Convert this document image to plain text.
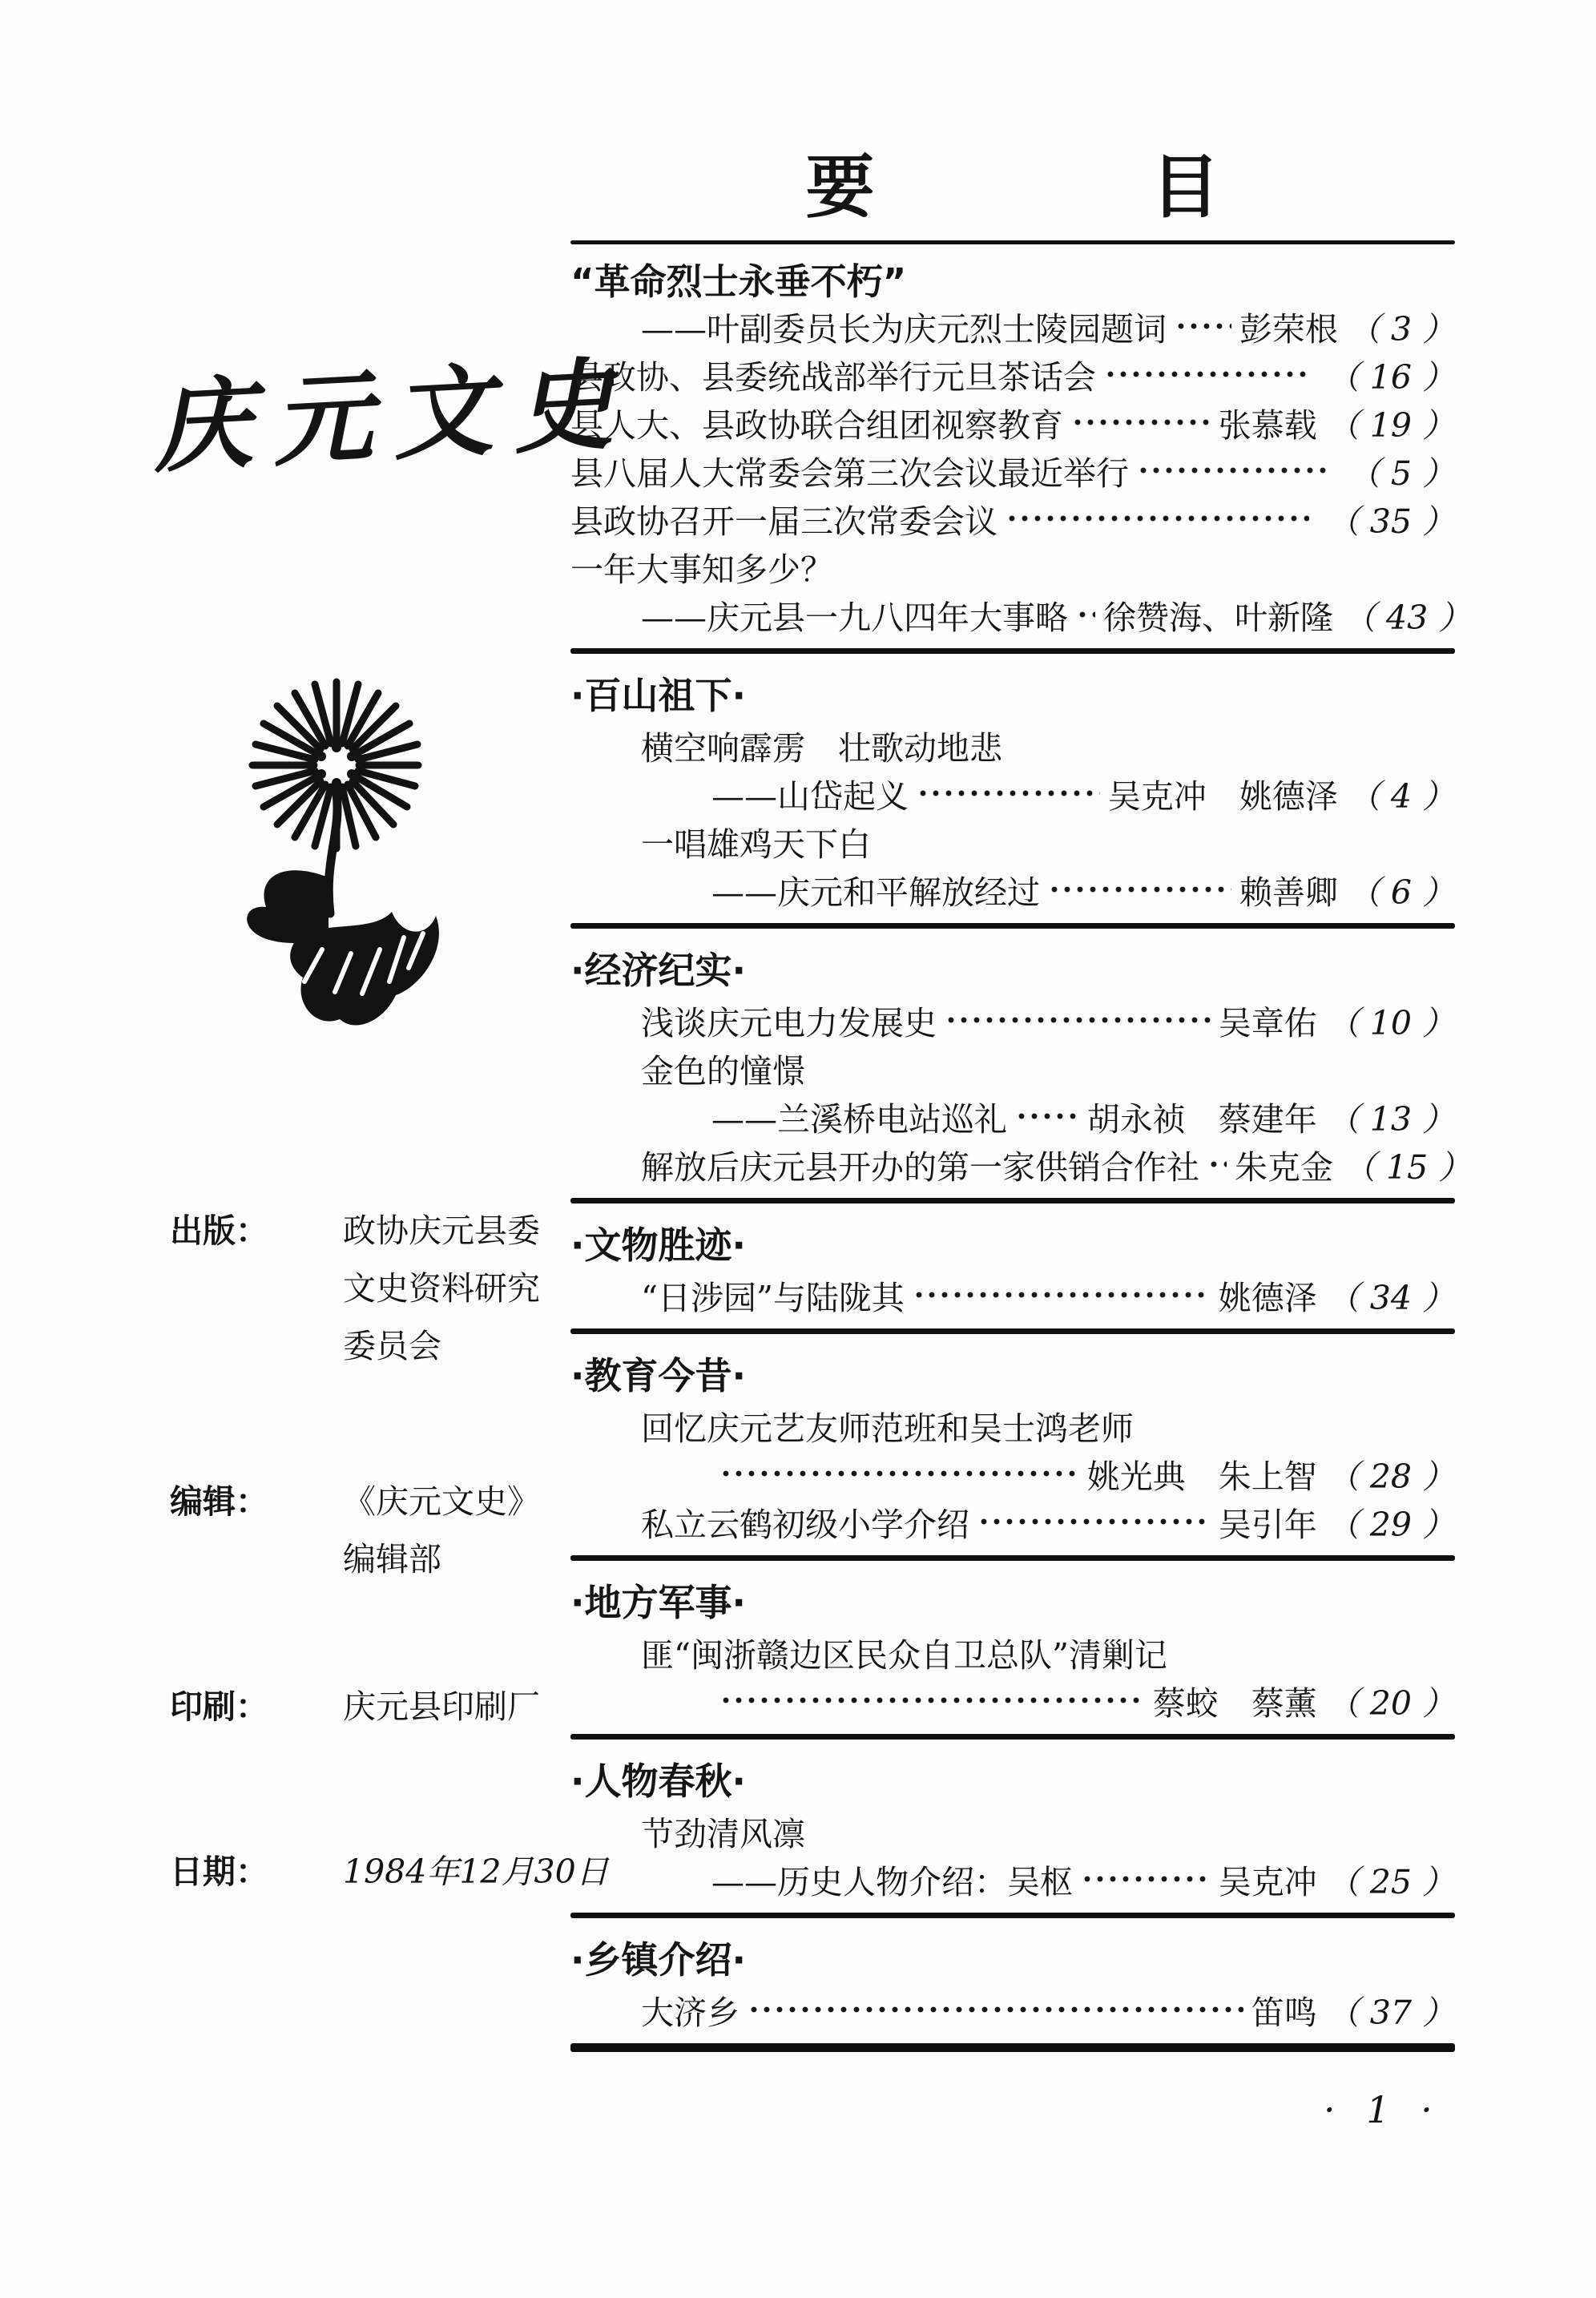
庆元文史
出版：	政协庆元县委
文史资料研究
委员会
编辑：	《庆元文史》
编辑部
印刷：	庆元县印刷厂
日期：	1984年12月30日
要目
“革命烈士永垂不朽”
——叶副委员长为庆元烈士陵园题词 彭荣根 （ 3 ）
县政协、县委统战部举行元旦茶话会	（ 16 ）
县人大、县政协联合组团视察教育	张慕载 （ 19 ）
县八届人大常委会第三次会议最近举行	（ 5 ）
县政协召开一届三次常委会议	（ 35 ）
一年大事知多少？
——庆元县一九八四年大事略 徐赞海、叶新隆 （ 43 ）
·百山祖下·
横空响霹雳　壮歌动地悲
——山岱起义	吴克冲　姚德泽 （ 4 ）
一唱雄鸡天下白
——庆元和平解放经过	赖善卿 （ 6 ）
·经济纪实·
浅谈庆元电力发展史	吴章佑 （ 10 ）
金色的憧憬
——兰溪桥电站巡礼 胡永祯　蔡建年 （ 13 ）
解放后庆元县开办的第一家供销合作社 朱克金 （ 15 ）
·文物胜迹·
“日涉园”与陆陇其	姚德泽 （ 34 ）
·教育今昔·
回忆庆元艺友师范班和吴士鸿老师
姚光典　朱上智 （ 28 ）
私立云鹤初级小学介绍	吴引年 （ 29 ）
·地方军事·
匪“闽浙赣边区民众自卫总队”清剿记
蔡蛟　蔡薰 （ 20 ）
·人物春秋·
节劲清风凛
——历史人物介绍：吴枢	吴克冲 （ 25 ）
·乡镇介绍·
大济乡	笛鸣 （ 37 ）
· 1 ·
